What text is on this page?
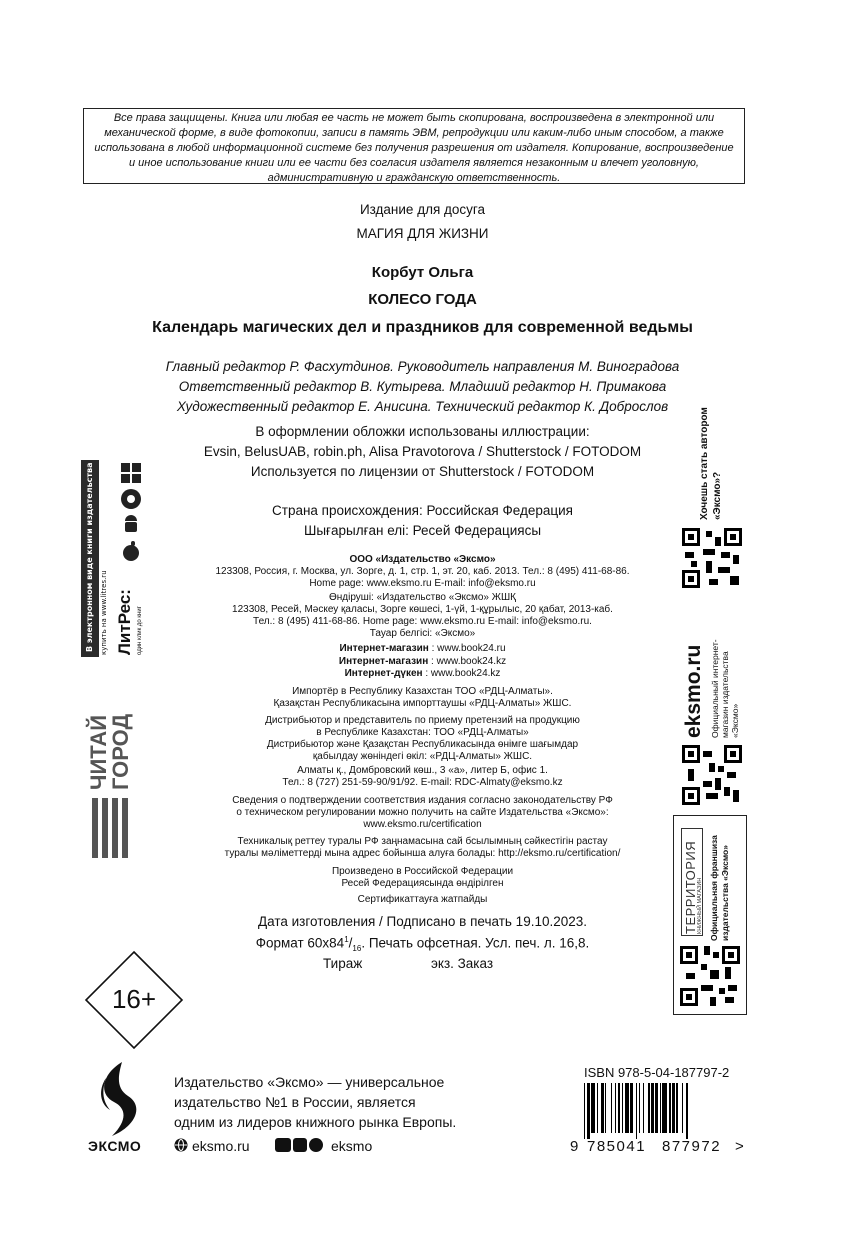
Все права защищены. Книга или любая ее часть не может быть скопирована, воспроизведена в электронной или механической форме, в виде фотокопии, записи в память ЭВМ, репродукции или каким-либо иным способом, а также использована в любой информационной системе без получения разрешения от издателя. Копирование, воспроизведение и иное использование книги или ее части без согласия издателя является незаконным и влечет уголовную, административную и гражданскую ответственность.
Издание для досуга
МАГИЯ ДЛЯ ЖИЗНИ
Корбут Ольга
КОЛЕСО ГОДА
Календарь магических дел и праздников для современной ведьмы
Главный редактор Р. Фасхутдинов. Руководитель направления М. Виноградова
Ответственный редактор В. Кутырева. Младший редактор Н. Примакова
Художественный редактор Е. Анисина. Технический редактор К. Доброслов
В оформлении обложки использованы иллюстрации:
Evsin, BelusUAB, robin.ph, Alisa Pravotorova / Shutterstock / FOTODOM
Используется по лицензии от Shutterstock / FOTODOM
Страна происхождения: Российская Федерация
Шығарылған елі: Ресей Федерациясы
ООО «Издательство «Эксмо»
123308, Россия, г. Москва, ул. Зорге, д. 1, стр. 1, эт. 20, каб. 2013. Тел.: 8 (495) 411-68-86.
Home page: www.eksmo.ru E-mail: info@eksmo.ru
Өндіруші: «Издательство «Эксмо» ЖШҚ
123308, Ресей, Мәскеу қаласы, Зорге көшесі, 1-үй, 1-құрылыс, 20 қабат, 2013-каб.
Тел.: 8 (495) 411-68-86. Home page: www.eksmo.ru E-mail: info@eksmo.ru.
Тауар белгісі: «Эксмо»
Интернет-магазин : www.book24.ru
Интернет-магазин : www.book24.kz
Интернет-дүкен : www.book24.kz
Импортёр в Республику Казахстан ТОО «РДЦ-Алматы».
Қазақстан Республикасына импорттаушы «РДЦ-Алматы» ЖШС.
Дистрибьютор и представитель по приему претензий на продукцию
в Республике Казахстан: ТОО «РДЦ-Алматы»
Дистрибьютор және Қазақстан Республикасында өнімге шағымдар
қабылдау жөніндегі өкіл: «РДЦ-Алматы» ЖШС.
Алматы қ., Домбровский көш., 3 «а», литер Б, офис 1.
Тел.: 8 (727) 251-59-90/91/92. E-mail: RDC-Almaty@eksmo.kz
Сведения о подтверждении соответствия издания согласно законодательству РФ
о техническом регулировании можно получить на сайте Издательства «Эксмо»:
www.eksmo.ru/certification
Техникалық реттеу туралы РФ заңнамасына сай бсылымның сәйкестігін растау
туралы мәліметтерді мына адрес бойынша алуға болады: http://eksmo.ru/certification/
Произведено в Российской Федерации
Ресей Федерациясында өндірілген
Сертификаттауға жатпайды
Дата изготовления / Подписано в печать 19.10.2023.
Формат $60x84^1/_{16}$. Печать офсетная. Усл. печ. л. 16,8.
Тираж	экз. Заказ
16+
В электронном виде книги издательства вы можете купить на www.litres.ru ЛитРес: один клик до книг
ЧИТАЙ
ГОРОД
Хочешь стать автором «Эксмо»?
eksmo.ru Официальный интернет-магазин издательства «Эксмо»
ТЕРРИТОРИЯ КНИЖНЫЙ МАГАЗИН Официальная франшиза издательства «Эксмо»
ЭКСМО
Издательство «Эксмо» — универсальное
издательство №1 в России, является
одним из лидеров книжного рынка Европы.
eksmo.ru	eksmo
ISBN 978-5-04-187797-2
9 785041 877972 >
